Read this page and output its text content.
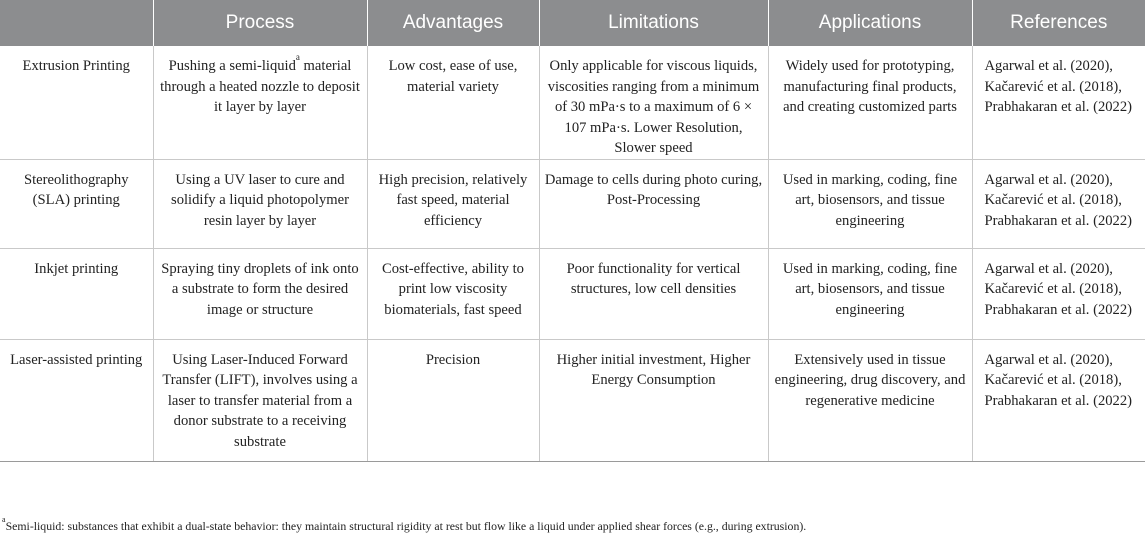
	Process	Advantages	Limitations	Applications	References
Extrusion Printing	Pushing a semi-liquid$^a$ material through a heated nozzle to deposit it layer by layer	Low cost, ease of use, material variety	Only applicable for viscous liquids, viscosities ranging from a minimum of 30 mPa·s to a maximum of 6 × 107 mPa·s. Lower Resolution, Slower speed	Widely used for prototyping, manufacturing final products, and creating customized parts	Agarwal et al. (2020), Kačarević et al. (2018), Prabhakaran et al. (2022)
Stereolithography (SLA) printing	Using a UV laser to cure and solidify a liquid photopolymer resin layer by layer	High precision, relatively fast speed, material efficiency	Damage to cells during photo curing, Post-Processing	Used in marking, coding, fine art, biosensors, and tissue engineering	Agarwal et al. (2020), Kačarević et al. (2018), Prabhakaran et al. (2022)
Inkjet printing	Spraying tiny droplets of ink onto a substrate to form the desired image or structure	Cost-effective, ability to print low viscosity biomaterials, fast speed	Poor functionality for vertical structures, low cell densities	Used in marking, coding, fine art, biosensors, and tissue engineering	Agarwal et al. (2020), Kačarević et al. (2018), Prabhakaran et al. (2022)
Laser-assisted printing	Using Laser-Induced Forward Transfer (LIFT), involves using a laser to transfer material from a donor substrate to a receiving substrate	Precision	Higher initial investment, Higher Energy Consumption	Extensively used in tissue engineering, drug discovery, and regenerative medicine	Agarwal et al. (2020), Kačarević et al. (2018), Prabhakaran et al. (2022)
$^a$Semi-liquid: substances that exhibit a dual-state behavior: they maintain structural rigidity at rest but flow like a liquid under applied shear forces (e.g., during extrusion).
